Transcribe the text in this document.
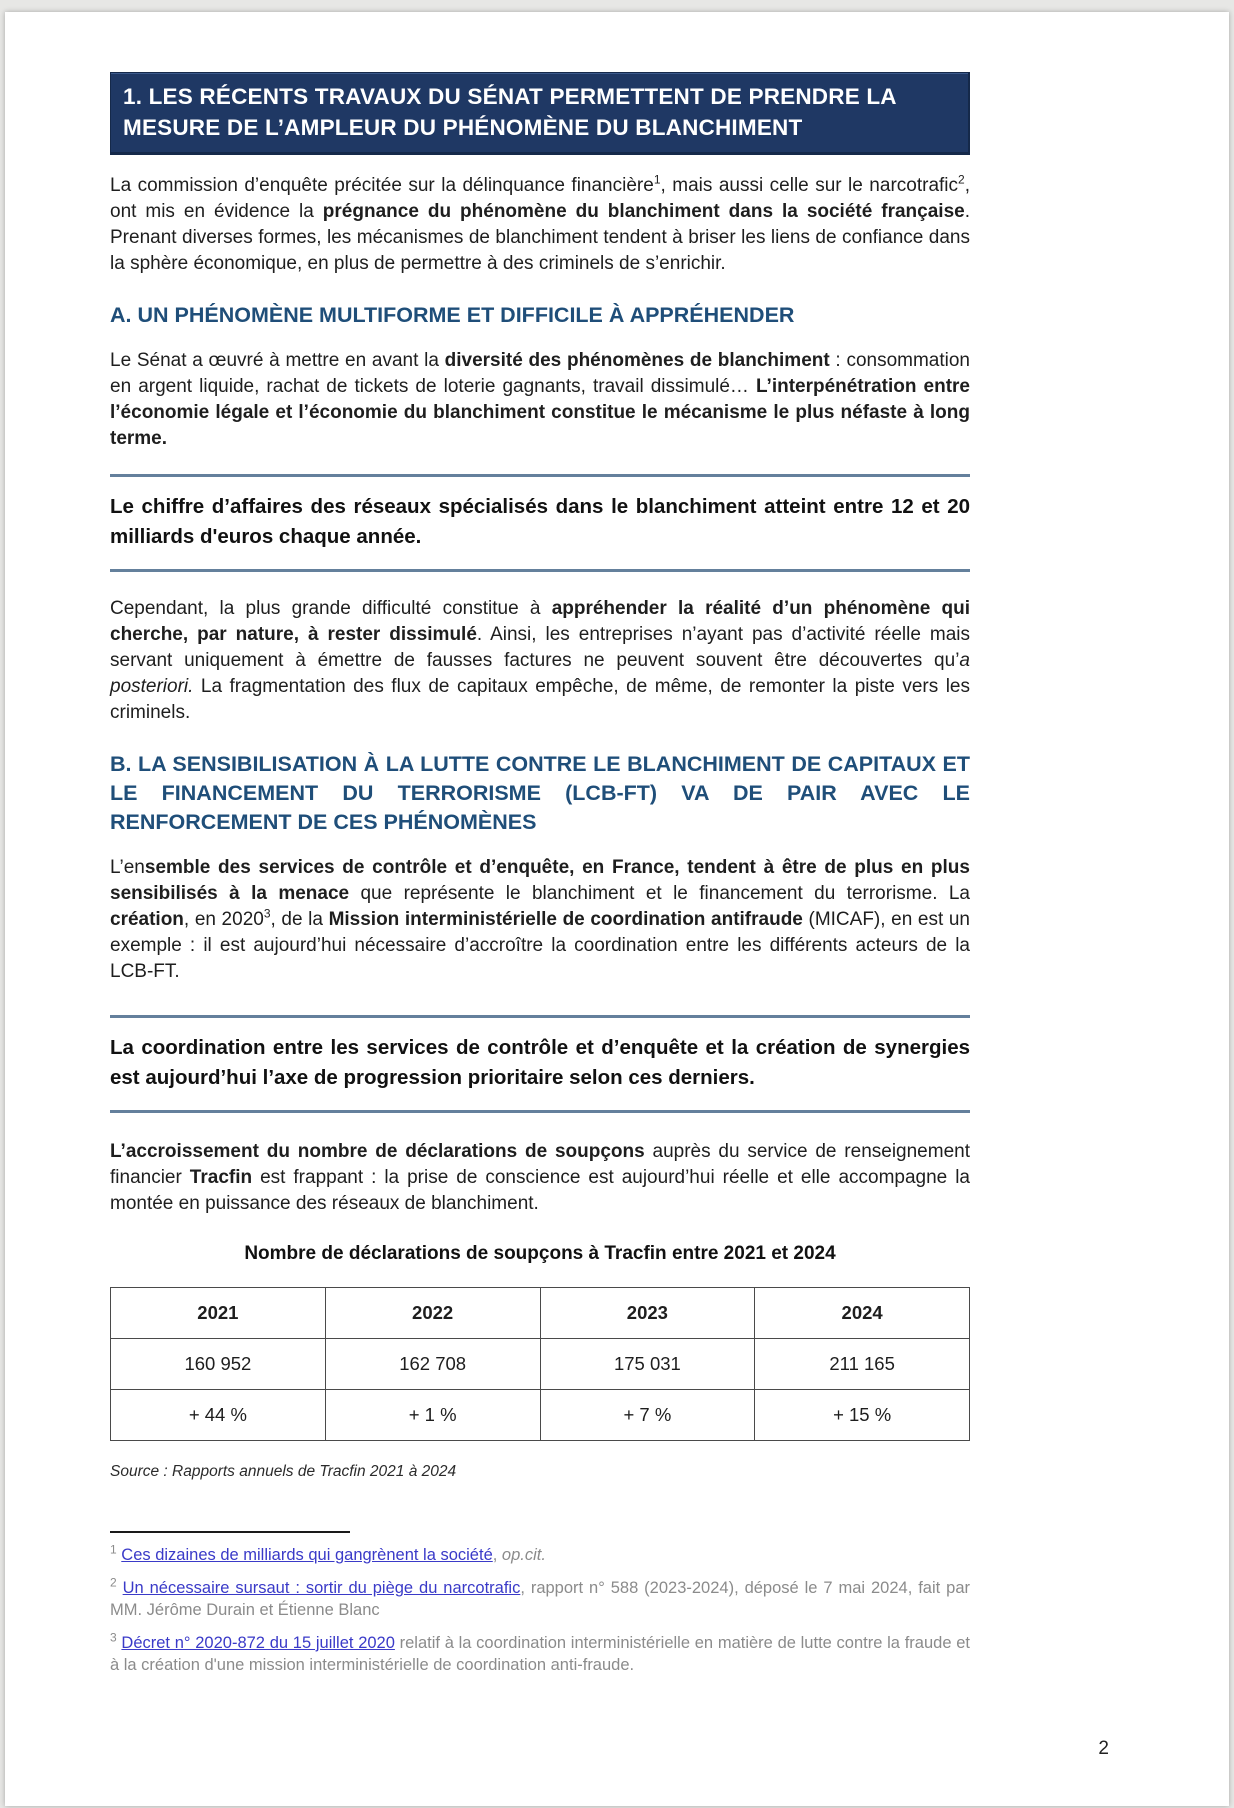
1. LES RÉCENTS TRAVAUX DU SÉNAT PERMETTENT DE PRENDRE LA MESURE DE L’AMPLEUR DU PHÉNOMÈNE DU BLANCHIMENT

La commission d’enquête précitée sur la délinquance financière$^1$, mais aussi celle sur le narcotrafic$^2$, ont mis en évidence la prégnance du phénomène du blanchiment dans la société française. Prenant diverses formes, les mécanismes de blanchiment tendent à briser les liens de confiance dans la sphère économique, en plus de permettre à des criminels de s’enrichir.

A. UN PHÉNOMÈNE MULTIFORME ET DIFFICILE À APPRÉHENDER

Le Sénat a œuvré à mettre en avant la diversité des phénomènes de blanchiment : consommation en argent liquide, rachat de tickets de loterie gagnants, travail dissimulé… L’interpénétration entre l’économie légale et l’économie du blanchiment constitue le mécanisme le plus néfaste à long terme.

Le chiffre d’affaires des réseaux spécialisés dans le blanchiment atteint entre 12 et 20 milliards d'euros chaque année.

Cependant, la plus grande difficulté constitue à appréhender la réalité d’un phénomène qui cherche, par nature, à rester dissimulé. Ainsi, les entreprises n’ayant pas d’activité réelle mais servant uniquement à émettre de fausses factures ne peuvent souvent être découvertes qu’a posteriori. La fragmentation des flux de capitaux empêche, de même, de remonter la piste vers les criminels.

B. LA SENSIBILISATION À LA LUTTE CONTRE LE BLANCHIMENT DE CAPITAUX ET LE FINANCEMENT DU TERRORISME (LCB-FT) VA DE PAIR AVEC LE RENFORCEMENT DE CES PHÉNOMÈNES

L’ensemble des services de contrôle et d’enquête, en France, tendent à être de plus en plus sensibilisés à la menace que représente le blanchiment et le financement du terrorisme. La création, en 2020$^3$, de la Mission interministérielle de coordination antifraude (MICAF), en est un exemple : il est aujourd’hui nécessaire d’accroître la coordination entre les différents acteurs de la LCB-FT.

La coordination entre les services de contrôle et d’enquête et la création de synergies est aujourd’hui l’axe de progression prioritaire selon ces derniers.

L’accroissement du nombre de déclarations de soupçons auprès du service de renseignement financier Tracfin est frappant : la prise de conscience est aujourd’hui réelle et elle accompagne la montée en puissance des réseaux de blanchiment.

Nombre de déclarations de soupçons à Tracfin entre 2021 et 2024

2021	2022	2023	2024
160 952	162 708	175 031	211 165
+ 44 %	+ 1 %	+ 7 %	+ 15 %

Source : Rapports annuels de Tracfin 2021 à 2024

$^1$ Ces dizaines de milliards qui gangrènent la société, op.cit.

$^2$ Un nécessaire sursaut : sortir du piège du narcotrafic, rapport n° 588 (2023-2024), déposé le 7 mai 2024, fait par MM. Jérôme Durain et Étienne Blanc

$^3$ Décret n° 2020-872 du 15 juillet 2020 relatif à la coordination interministérielle en matière de lutte contre la fraude et à la création d'une mission interministérielle de coordination anti-fraude.

2
